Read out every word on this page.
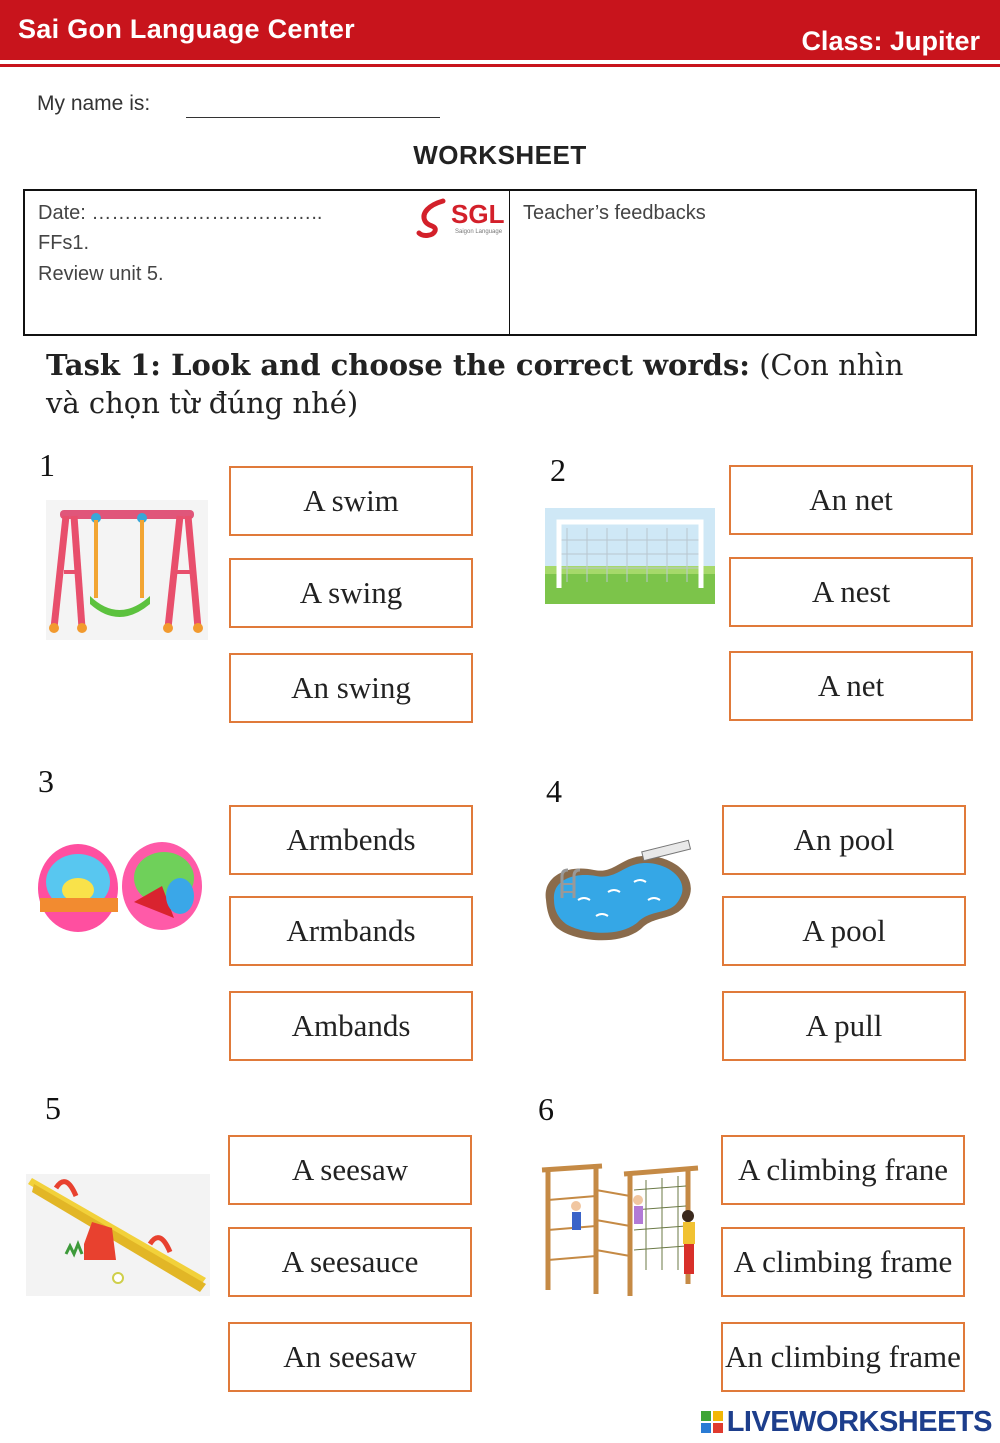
Sai Gon Language Center	Class: Jupiter
My name is:
WORKSHEET
Date: ……………………………..
FFs1.
Review unit 5.
SGL
Saigon Language
Teacher’s feedbacks
Task 1: Look and choose the correct words: (Con nhìn và chọn từ đúng nhé)
1	2
3	4
5	6
A swim
A swing
An swing
An net
A nest
A net
Armbends
Armbands
Ambands
An pool
A pool
A pull
A seesaw
A seesauce
An seesaw
A climbing frane
A climbing frame
An climbing frame
LIVEWORKSHEETS
